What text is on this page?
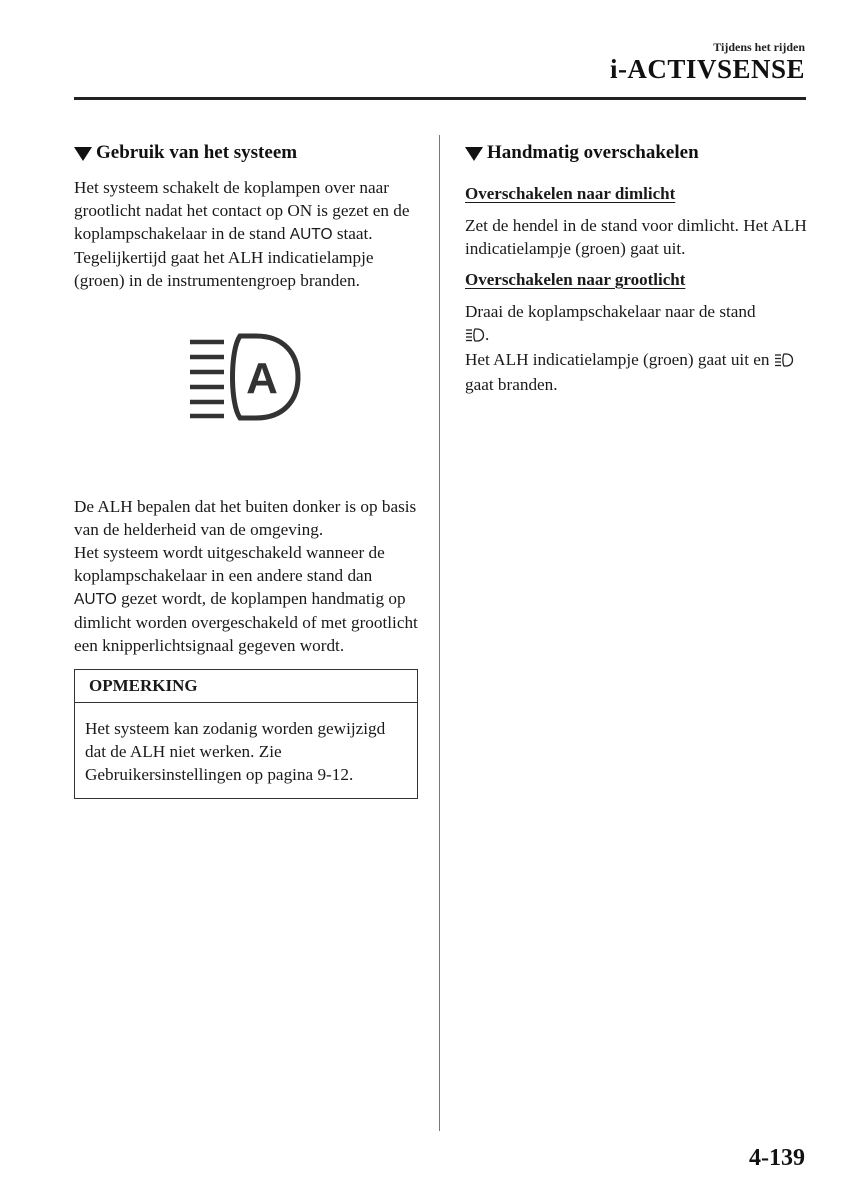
Tijdens het rijden
i-ACTIVSENSE
Gebruik van het systeem

Het systeem schakelt de koplampen over naar grootlicht nadat het contact op ON is gezet en de koplampschakelaar in de stand AUTO staat. Tegelijkertijd gaat het ALH indicatielampje (groen) in de instrumentengroep branden.

A

De ALH bepalen dat het buiten donker is op basis van de helderheid van de omgeving.

Het systeem wordt uitgeschakeld wanneer de koplampschakelaar in een andere stand dan AUTO gezet wordt, de koplampen handmatig op dimlicht worden overgeschakeld of met grootlicht een knipperlichtsignaal gegeven wordt.

OPMERKING

Het systeem kan zodanig worden gewijzigd dat de ALH niet werken. Zie Gebruikersinstellingen op pagina 9-12.

Handmatig overschakelen
Overschakelen naar dimlicht

Zet de hendel in de stand voor dimlicht. Het ALH indicatielampje (groen) gaat uit.

Overschakelen naar grootlicht

Draai de koplampschakelaar naar de stand
.
Het ALH indicatielampje (groen) gaat uit en  gaat branden.

4-139
